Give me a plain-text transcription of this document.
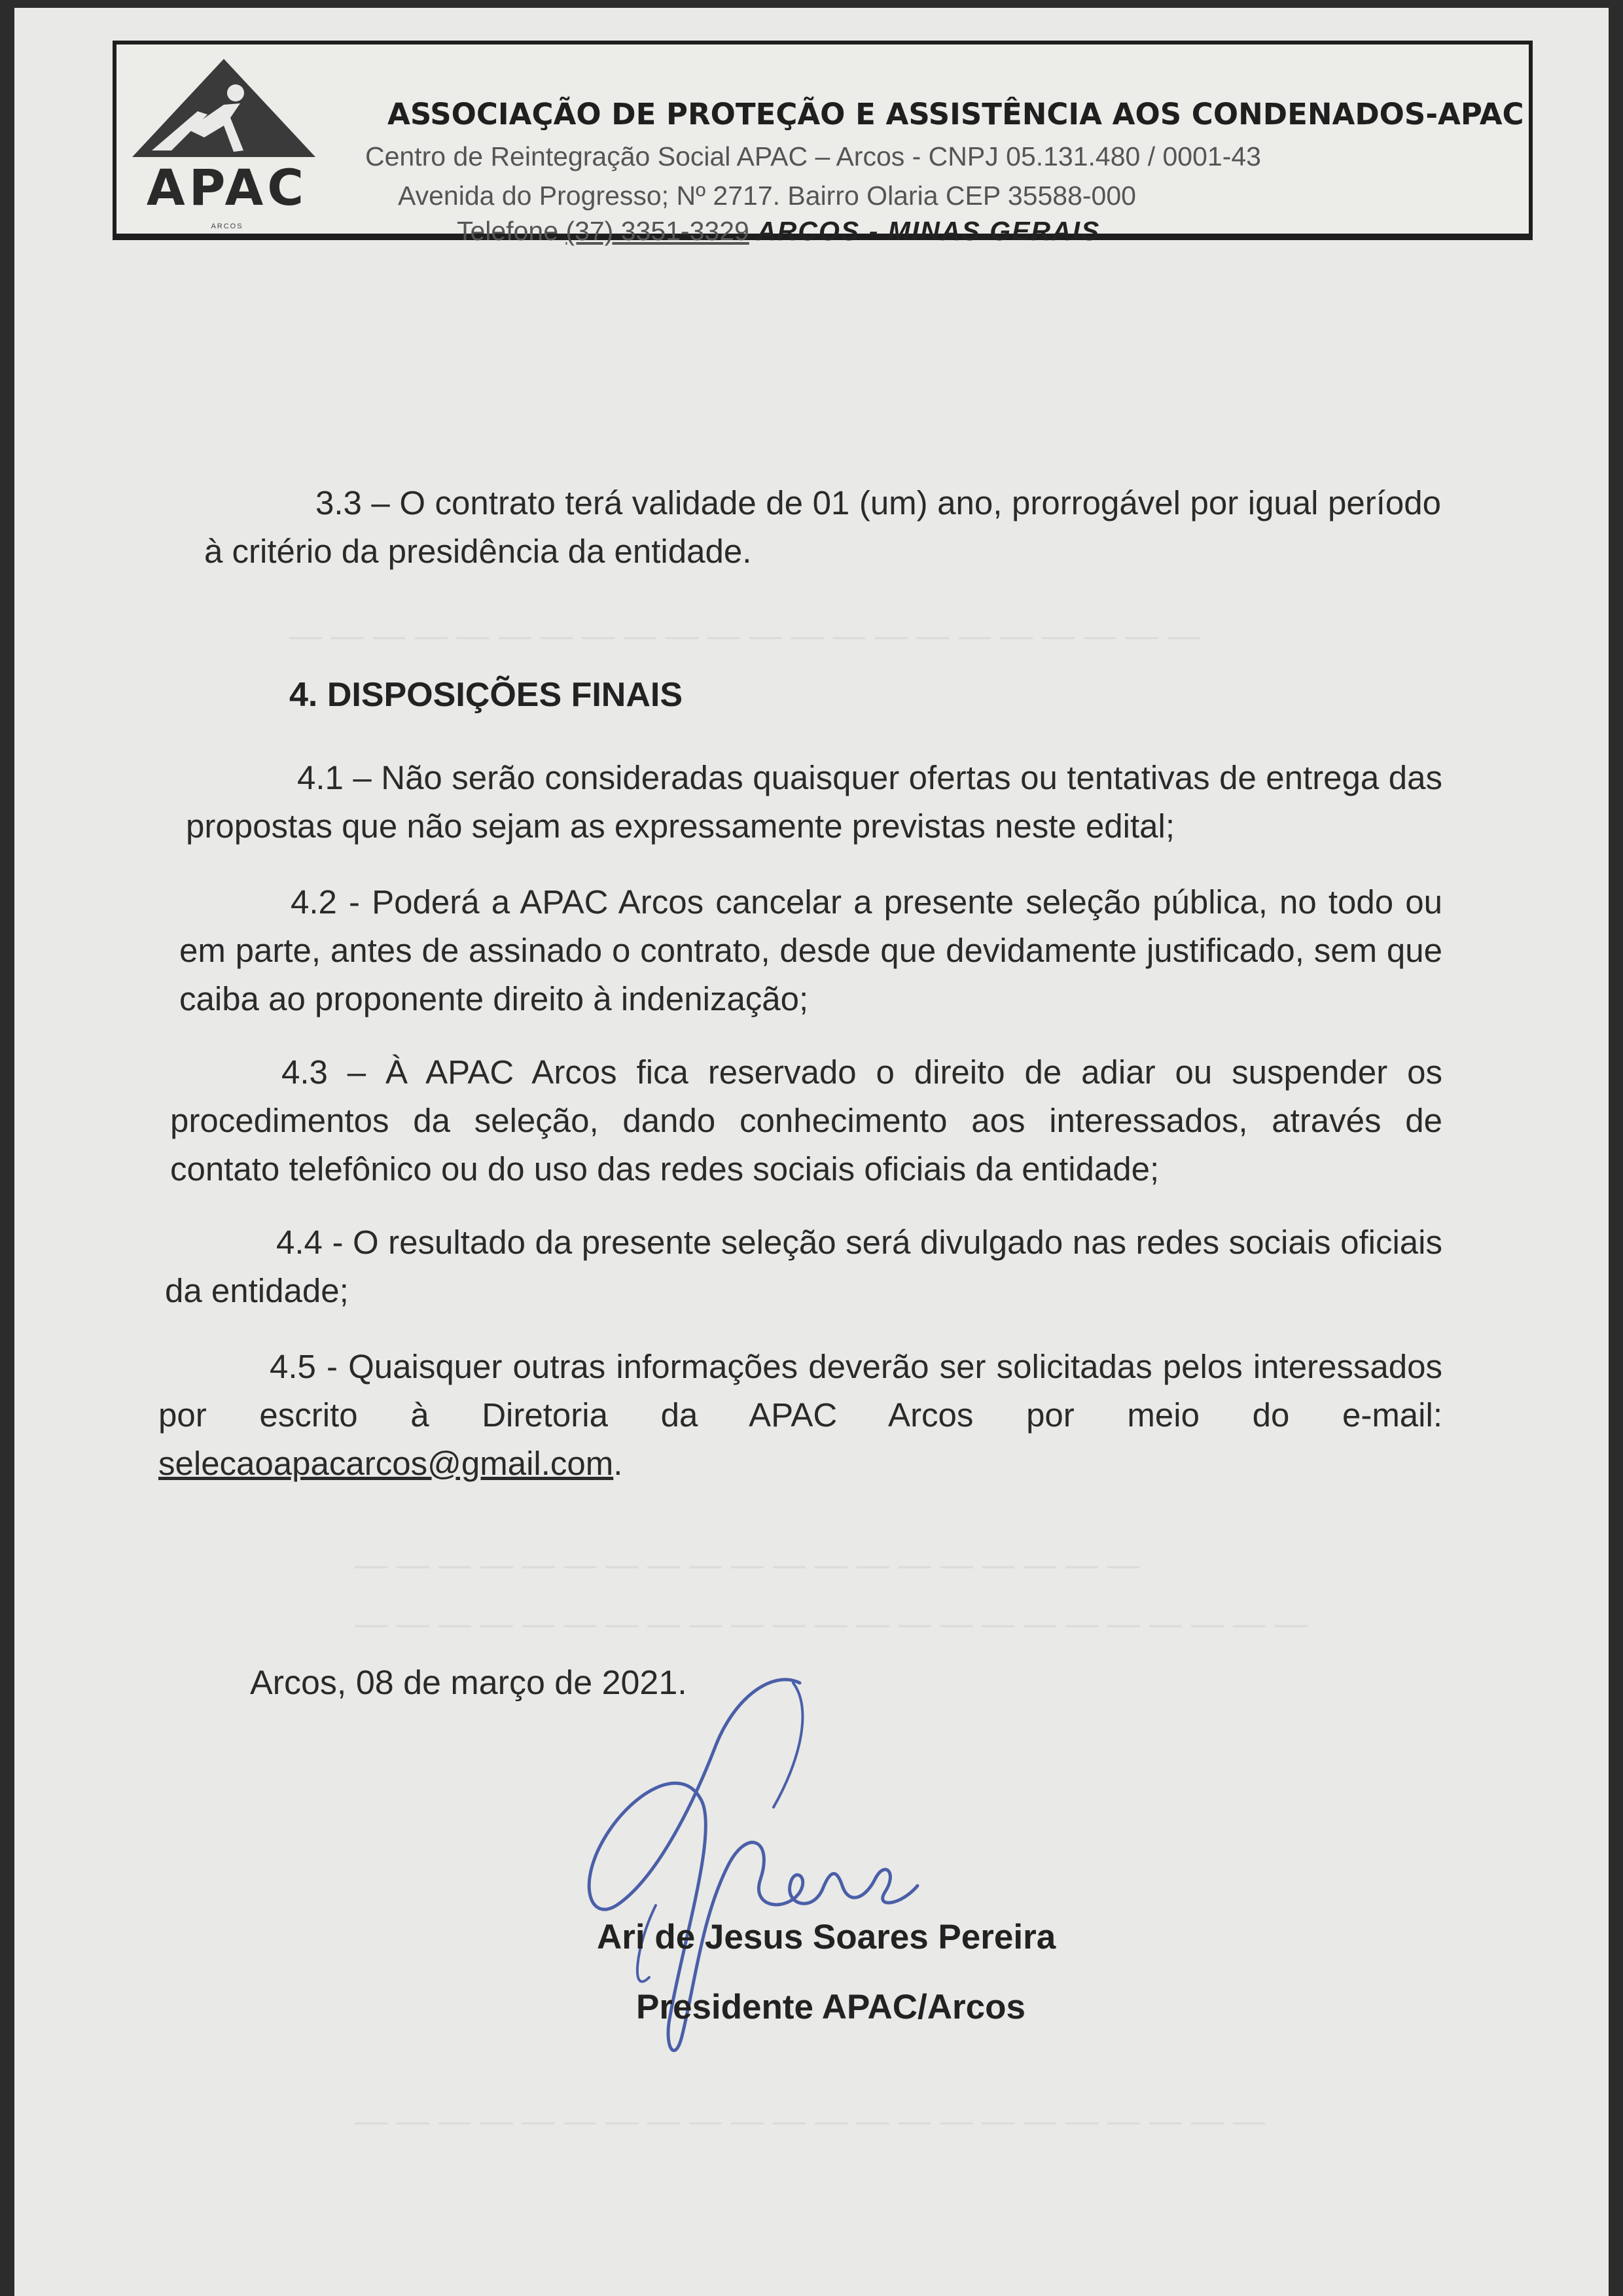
APAC
ARCOS
ASSOCIAÇÃO DE PROTEÇÃO E ASSISTÊNCIA AOS CONDENADOS-APAC
Centro de Reintegração Social APAC – Arcos - CNPJ 05.131.480 / 0001-43
Avenida do Progresso; Nº 2717. Bairro Olaria CEP 35588-000
Telefone (37) 3351-3329 ARCOS - MINAS GERAIS
— — — — — — — — — — — — — — — — — — — — — —
— — — — — — — — — — — — — — — — — — —
— — — — — — — — — — — — — — — — — — — — — — —
— — — — — — — — — — — — — — — — — — — — — —
3.3 – O contrato terá validade de 01 (um) ano, prorrogável por igual período à critério da presidência da entidade.
4. DISPOSIÇÕES FINAIS
4.1 – Não serão consideradas quaisquer ofertas ou tentativas de entrega das propostas que não sejam as expressamente previstas neste edital;
4.2 - Poderá a APAC Arcos cancelar a presente seleção pública, no todo ou em parte, antes de assinado o contrato, desde que devidamente justificado, sem que caiba ao proponente direito à indenização;
4.3 – À APAC Arcos fica reservado o direito de adiar ou suspender os procedimentos da seleção, dando conhecimento aos interessados, através de contato telefônico ou do uso das redes sociais oficiais da entidade;
4.4 - O resultado da presente seleção será divulgado nas redes sociais oficiais da entidade;
4.5 - Quaisquer outras informações deverão ser solicitadas pelos interessados por escrito à Diretoria da APAC Arcos por meio do e-mail: selecaoapacarcos@gmail.com.
Arcos, 08 de março de 2021.
Ari de Jesus Soares Pereira
Presidente APAC/Arcos
